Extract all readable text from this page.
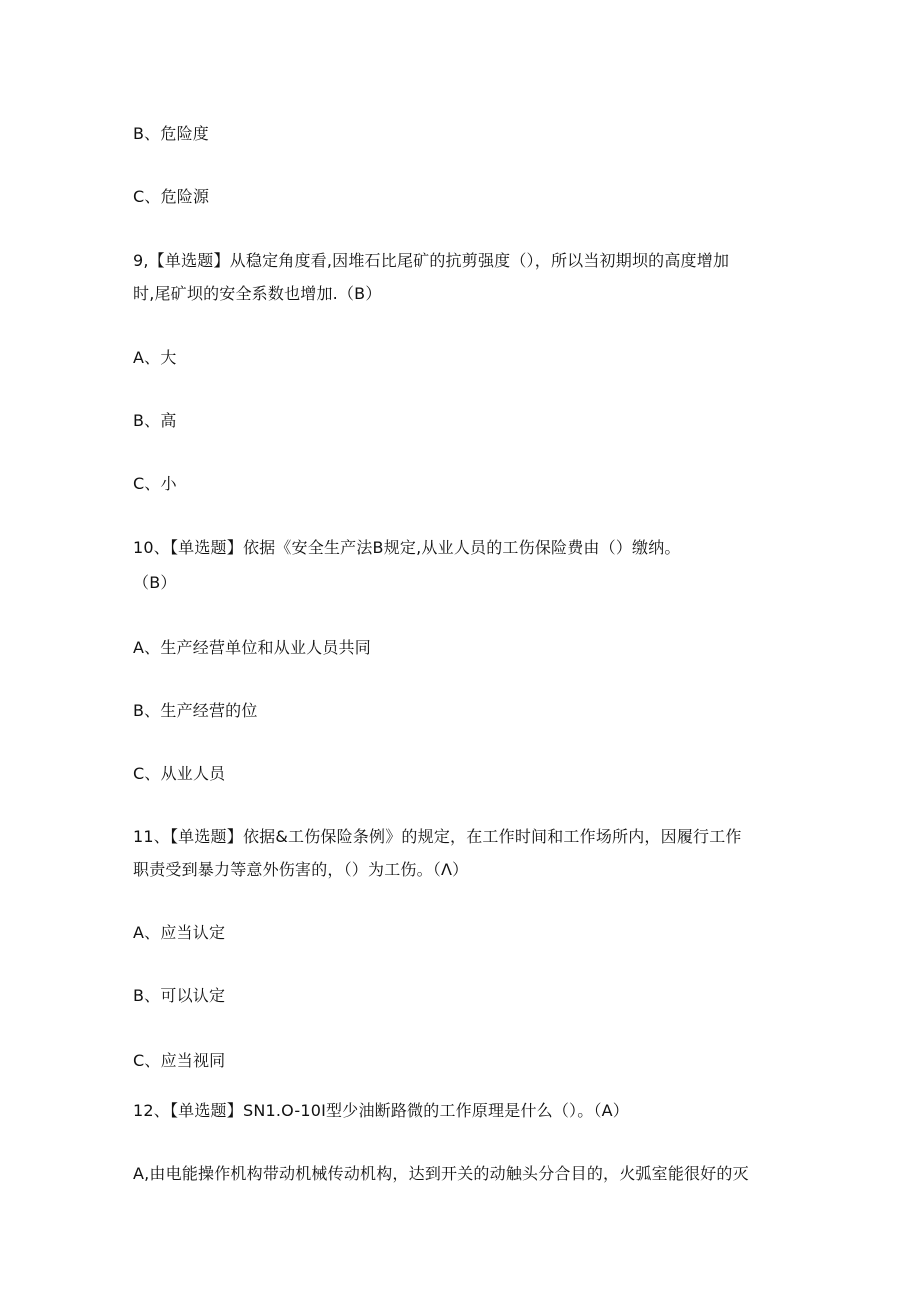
B、危险度
C、危险源
9,【单选题】从稳定角度看,因堆石比尾矿的抗剪强度（），所以当初期坝的高度增加
时,尾矿坝的安全系数也增加.（B）
A、大
B、高
C、小
10、【单选题】依据《安全生产法B规定,从业人员的工伤保险费由（）缴纳。
（B）
A、生产经营单位和从业人员共同
B、生产经营的位
C、从业人员
11、【单选题】依据&工伤保险条例》的规定，在工作时间和工作场所内，因履行工作
职责受到暴力等意外伤害的，（）为工伤。（Λ）
A、应当认定
B、可以认定
C、应当视同
12、【单选题】SN1.O-10I型少油断路微的工作原理是什么（）。（A）
A,由电能操作机构带动机械传动机构，达到开关的动触头分合目的，火弧室能很好的灭
